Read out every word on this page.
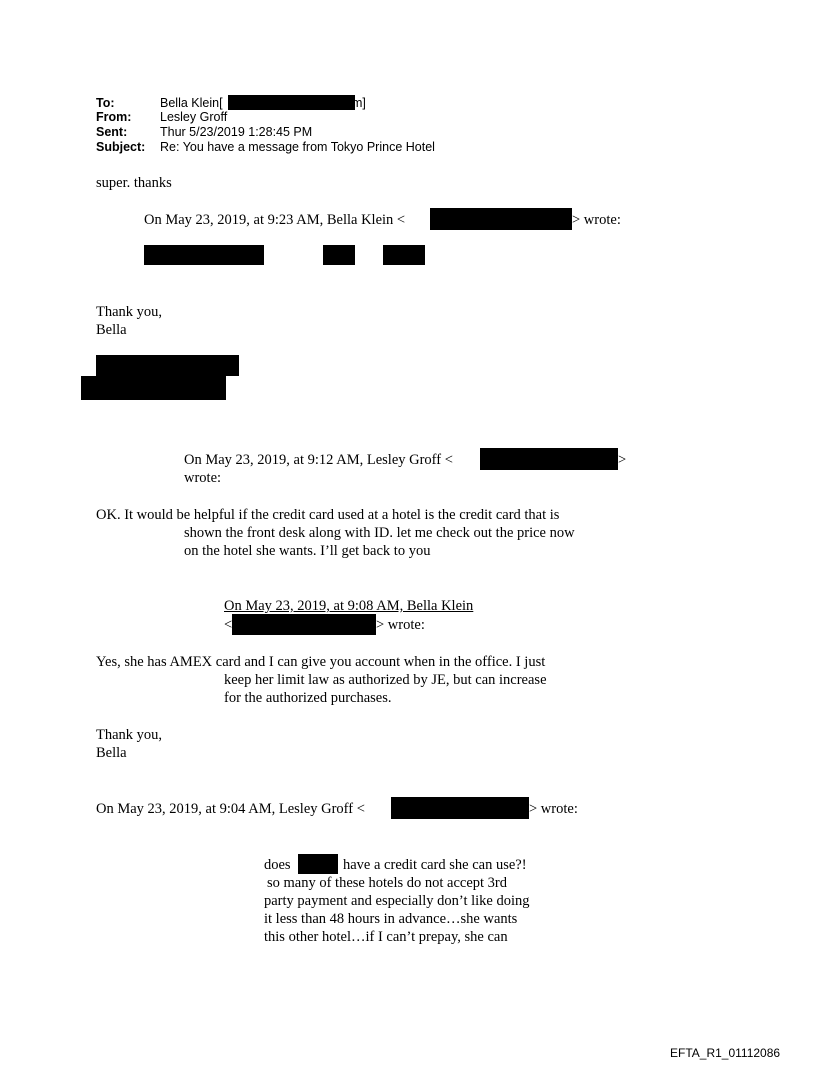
To:	Bella Klein[	m]
From: Lesley Groff
Sent:	Thur 5/23/2019 1:28:45 PM
Subject: Re: You have a message from Tokyo Prince Hotel
super. thanks
On May 23, 2019, at 9:23 AM, Bella Klein <	> wrote:
Thank you,
Bella
On May 23, 2019, at 9:12 AM, Lesley Groff <	>
wrote:
OK. It would be helpful if the credit card used at a hotel is the credit card that is
shown the front desk along with ID. let me check out the price now
on the hotel she wants. I’ll get back to you
On May 23, 2019, at 9:08 AM, Bella Klein
<	> wrote:
Yes, she has AMEX card and I can give you account when in the office. I just
keep her limit law as authorized by JE, but can increase
for the authorized purchases.
Thank you,
Bella
On May 23, 2019, at 9:04 AM, Lesley Groff <	> wrote:
does	have a credit card she can use?!
so many of these hotels do not accept 3rd
party payment and especially don’t like doing
it less than 48 hours in advance…she wants
this other hotel…if I can’t prepay, she can
EFTA_R1_01112086
